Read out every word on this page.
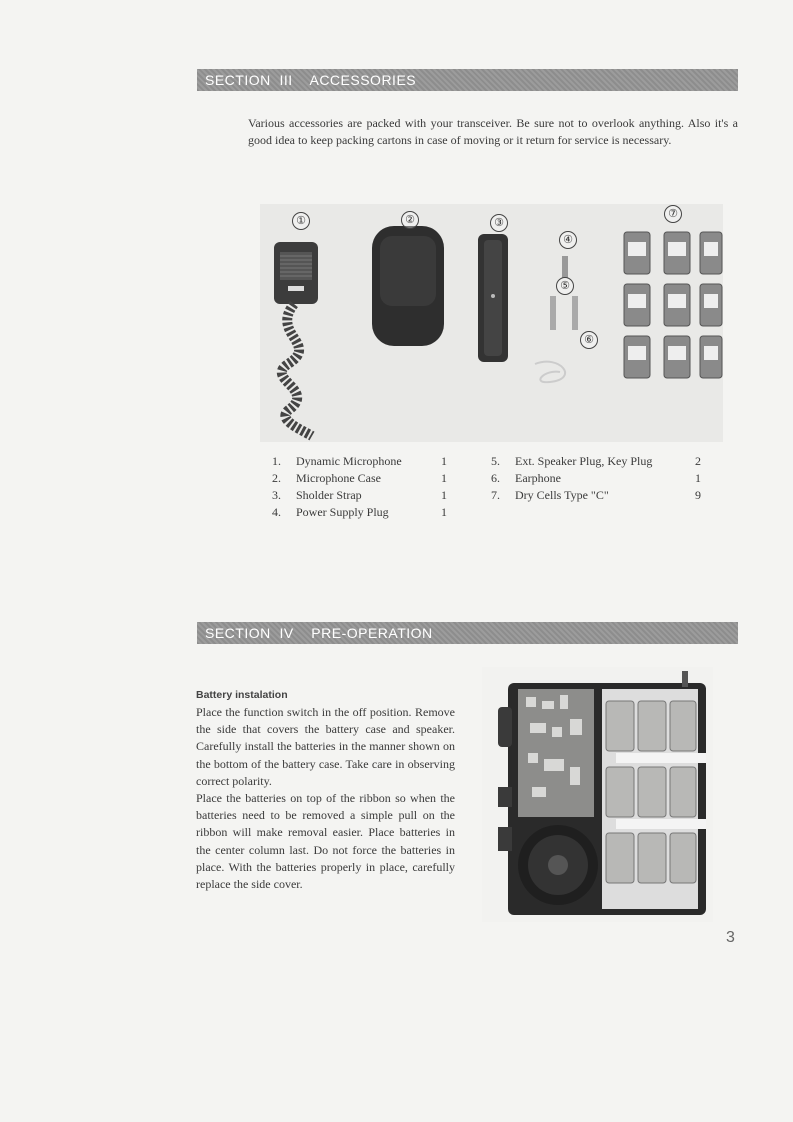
SECTION  III ACCESSORIES
Various accessories are packed with your transceiver. Be sure not to overlook anything. Also it's a good idea to keep packing cartons in case of moving or it return for service is necessary.
①	②	③
④
⑤
⑥
⑦
1. Dynamic Microphone	1
2. Microphone Case	1
3. Sholder Strap	1
4. Power Supply Plug	1
5. Ext. Speaker Plug, Key Plug	2
6. Earphone	1
7. Dry Cells Type "C"	9
SECTION  IV PRE-OPERATION
Battery instalation

Place the function switch in the off position. Remove the side that covers the battery case and speaker. Carefully install the batteries in the manner shown on the bottom of the battery case. Take care in observing correct polarity.

Place the batteries on top of the ribbon so when the batteries need to be removed a simple pull on the ribbon will make removal easier. Place batteries in the center column last. Do not force the batteries in place. With the batteries properly in place, carefully replace the side cover.

3
